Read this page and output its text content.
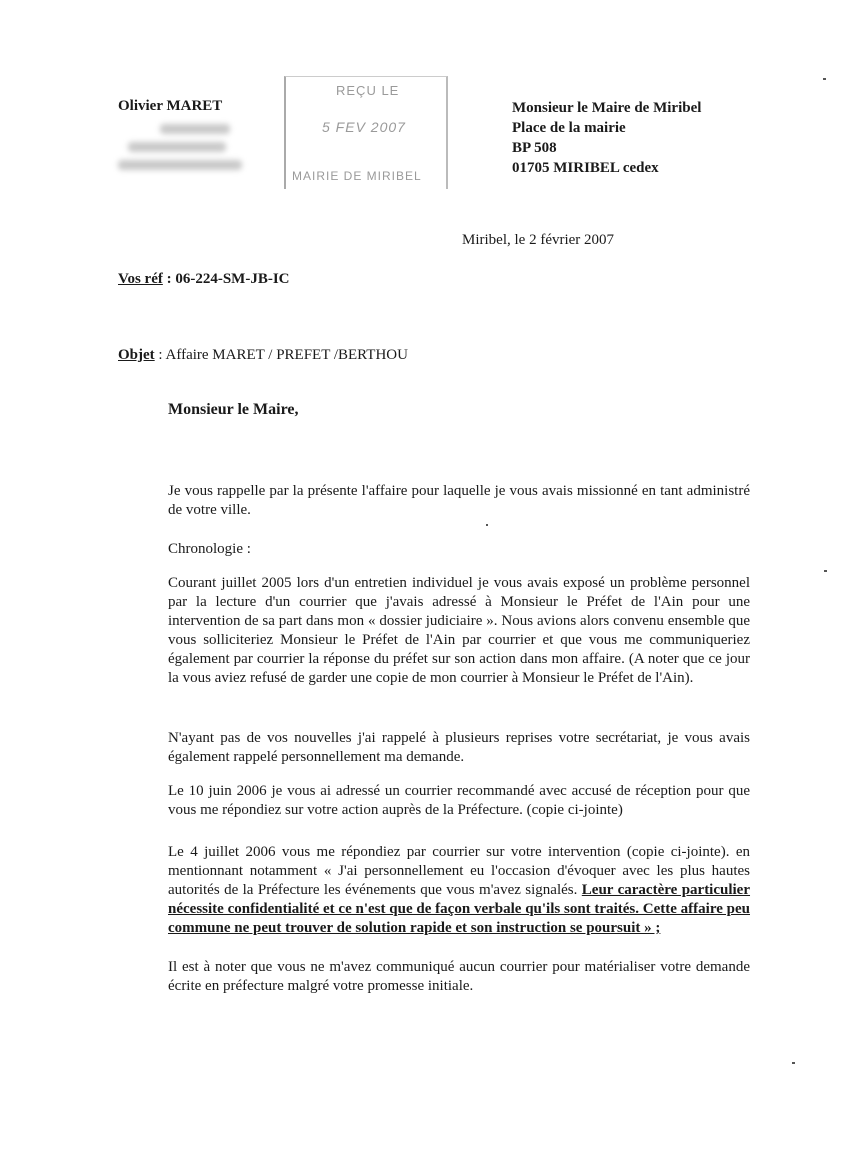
Olivier MARET
REÇU LE
5 FEV 2007
MAIRIE DE MIRIBEL
Monsieur le Maire de Miribel
Place de la mairie
BP 508
01705 MIRIBEL cedex
Miribel, le 2 février 2007
Vos réf : 06-224-SM-JB-IC
Objet : Affaire MARET / PREFET /BERTHOU
Monsieur le Maire,
Je vous rappelle par la présente l'affaire pour laquelle je vous avais missionné en tant administré de votre ville.
Chronologie :
Courant juillet 2005 lors d'un entretien individuel je vous avais exposé un problème personnel par la lecture d'un courrier que j'avais adressé à Monsieur le Préfet de l'Ain pour une intervention de sa part dans mon « dossier judiciaire ». Nous avions alors convenu ensemble que vous solliciteriez Monsieur le Préfet de l'Ain par courrier et que vous me communiqueriez également par courrier la réponse du préfet sur son action dans mon affaire. (A noter que ce jour la vous aviez refusé de garder une copie de mon courrier à Monsieur le Préfet de l'Ain).
N'ayant pas de vos nouvelles j'ai rappelé à plusieurs reprises votre secrétariat, je vous avais également rappelé personnellement ma demande.
Le 10 juin 2006 je vous ai adressé un courrier recommandé avec accusé de réception pour que vous me répondiez sur votre action auprès de la Préfecture. (copie ci-jointe)
Le 4 juillet 2006 vous me répondiez par courrier sur votre intervention (copie ci-jointe). en mentionnant notamment « J'ai personnellement eu l'occasion d'évoquer avec les plus hautes autorités de la Préfecture les événements que vous m'avez signalés. Leur caractère particulier nécessite confidentialité et ce n'est que de façon verbale qu'ils sont traités. Cette affaire peu commune ne peut trouver de solution rapide et son instruction se poursuit » ;
Il est à noter que vous ne m'avez communiqué aucun courrier pour matérialiser votre demande écrite en préfecture malgré votre promesse initiale.
